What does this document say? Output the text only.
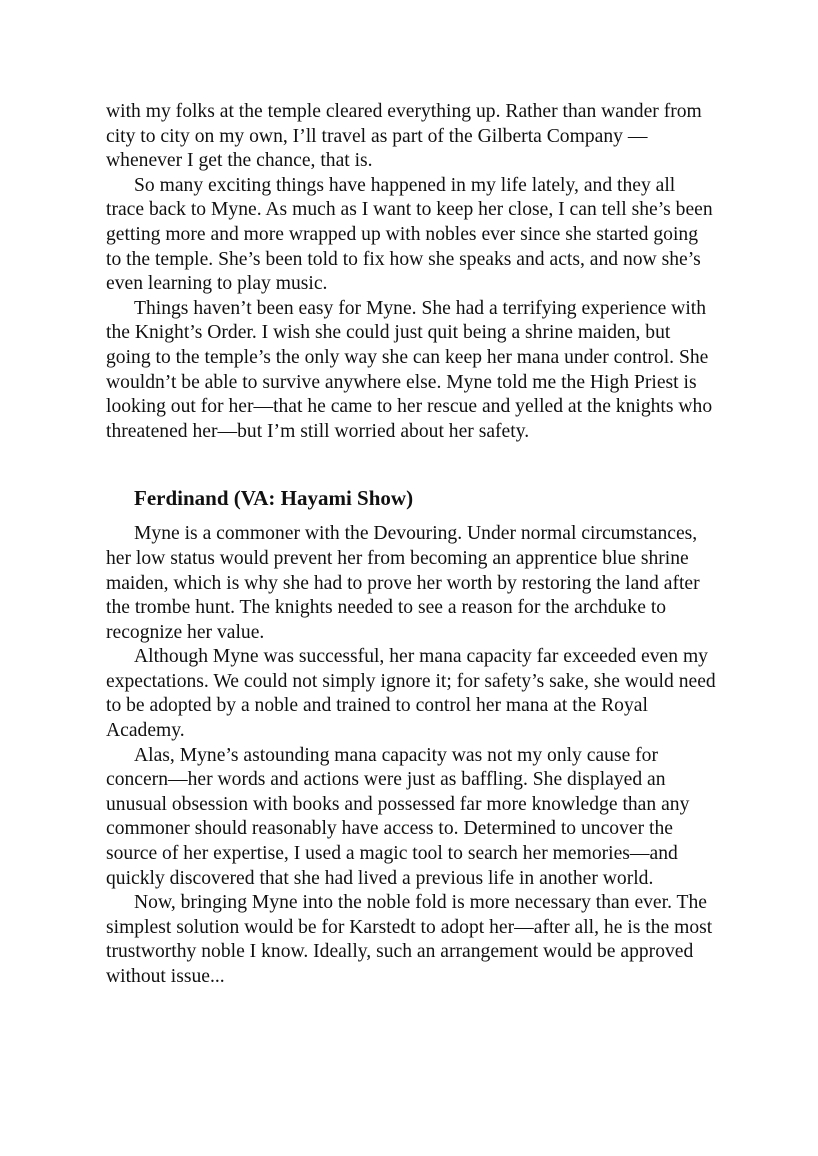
with my folks at the temple cleared everything up. Rather than wander from city to city on my own, I’ll travel as part of the Gilberta Company —whenever I get the chance, that is.

So many exciting things have happened in my life lately, and they all trace back to Myne. As much as I want to keep her close, I can tell she’s been getting more and more wrapped up with nobles ever since she started going to the temple. She’s been told to fix how she speaks and acts, and now she’s even learning to play music.

Things haven’t been easy for Myne. She had a terrifying experience with the Knight’s Order. I wish she could just quit being a shrine maiden, but going to the temple’s the only way she can keep her mana under control. She wouldn’t be able to survive anywhere else. Myne told me the High Priest is looking out for her—that he came to her rescue and yelled at the knights who threatened her—but I’m still worried about her safety.

Ferdinand (VA: Hayami Show)

Myne is a commoner with the Devouring. Under normal circumstances, her low status would prevent her from becoming an apprentice blue shrine maiden, which is why she had to prove her worth by restoring the land after the trombe hunt. The knights needed to see a reason for the archduke to recognize her value.

Although Myne was successful, her mana capacity far exceeded even my expectations. We could not simply ignore it; for safety’s sake, she would need to be adopted by a noble and trained to control her mana at the Royal Academy.

Alas, Myne’s astounding mana capacity was not my only cause for concern—her words and actions were just as baffling. She displayed an unusual obsession with books and possessed far more knowledge than any commoner should reasonably have access to. Determined to uncover the source of her expertise, I used a magic tool to search her memories—and quickly discovered that she had lived a previous life in another world.

Now, bringing Myne into the noble fold is more necessary than ever. The simplest solution would be for Karstedt to adopt her—after all, he is the most trustworthy noble I know. Ideally, such an arrangement would be approved without issue...
